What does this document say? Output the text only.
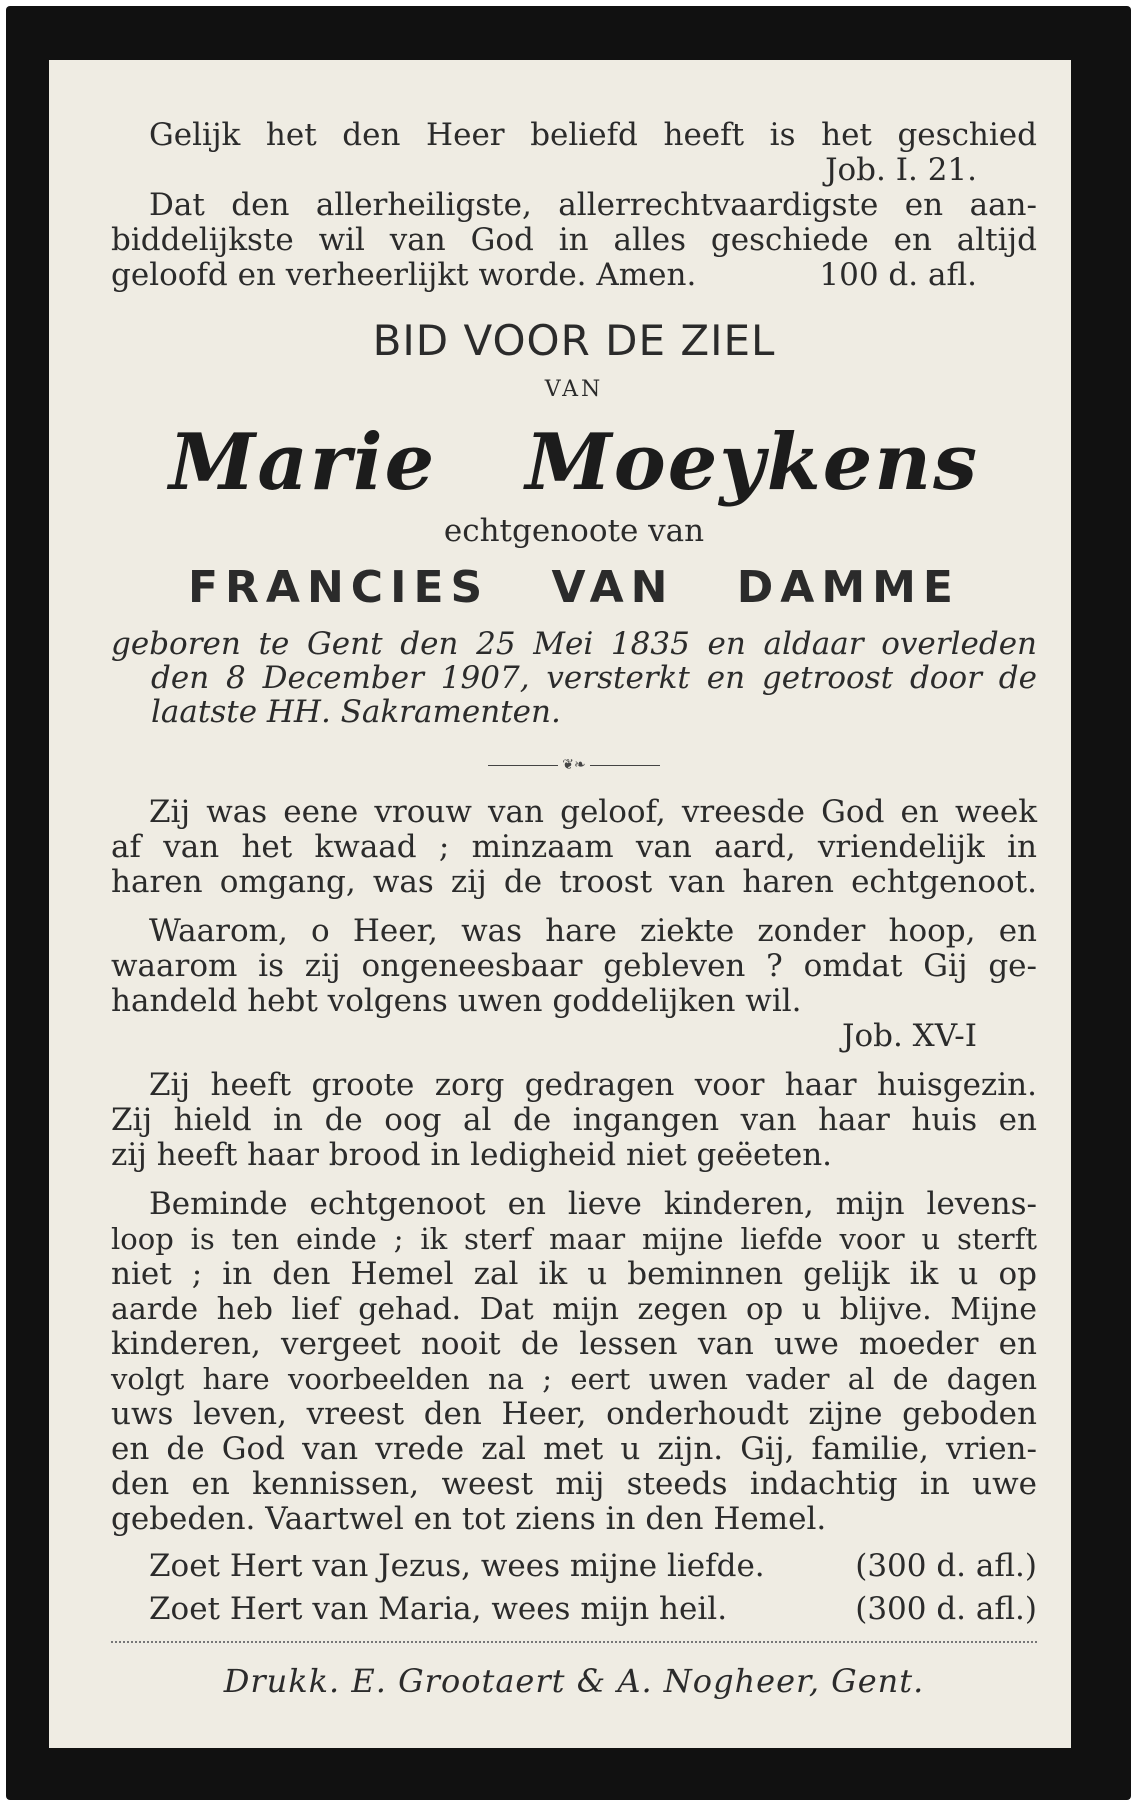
Gelijk het den Heer beliefd heeft is het geschied
Job. I. 21.
Dat den allerheiligste, allerrechtvaardigste en aan-
biddelijkste wil van God in alles geschiede en altijd
geloofd en verheerlijkt worde. Amen.	100 d. afl.
BID VOOR DE ZIEL
VAN
Marie Moeykens
echtgenoote van
FRANCIES VAN DAMME
geboren te Gent den 25 Mei 1835 en aldaar overleden
den 8 December 1907, versterkt en getroost door de
laatste HH. Sakramenten.
❦❧
Zij was eene vrouw van geloof, vreesde God en week
af van het kwaad ; minzaam van aard, vriendelijk in
haren omgang, was zij de troost van haren echtgenoot.
Waarom, o Heer, was hare ziekte zonder hoop, en
waarom is zij ongeneesbaar gebleven ? omdat Gij ge-
handeld hebt volgens uwen goddelijken wil.
Job. XV-I
Zij heeft groote zorg gedragen voor haar huisgezin.
Zij hield in de oog al de ingangen van haar huis en
zij heeft haar brood in ledigheid niet geëeten.
Beminde echtgenoot en lieve kinderen, mijn levens-
loop is ten einde ; ik sterf maar mijne liefde voor u sterft
niet ; in den Hemel zal ik u beminnen gelijk ik u op
aarde heb lief gehad. Dat mijn zegen op u blijve. Mijne
kinderen, vergeet nooit de lessen van uwe moeder en
volgt hare voorbeelden na ; eert uwen vader al de dagen
uws leven, vreest den Heer, onderhoudt zijne geboden
en de God van vrede zal met u zijn. Gij, familie, vrien-
den en kennissen, weest mij steeds indachtig in uwe
gebeden. Vaartwel en tot ziens in den Hemel.
Zoet Hert van Jezus, wees mijne liefde.	(300 d. afl.)
Zoet Hert van Maria, wees mijn heil.	(300 d. afl.)
Drukk. E. Grootaert & A. Nogheer, Gent.
